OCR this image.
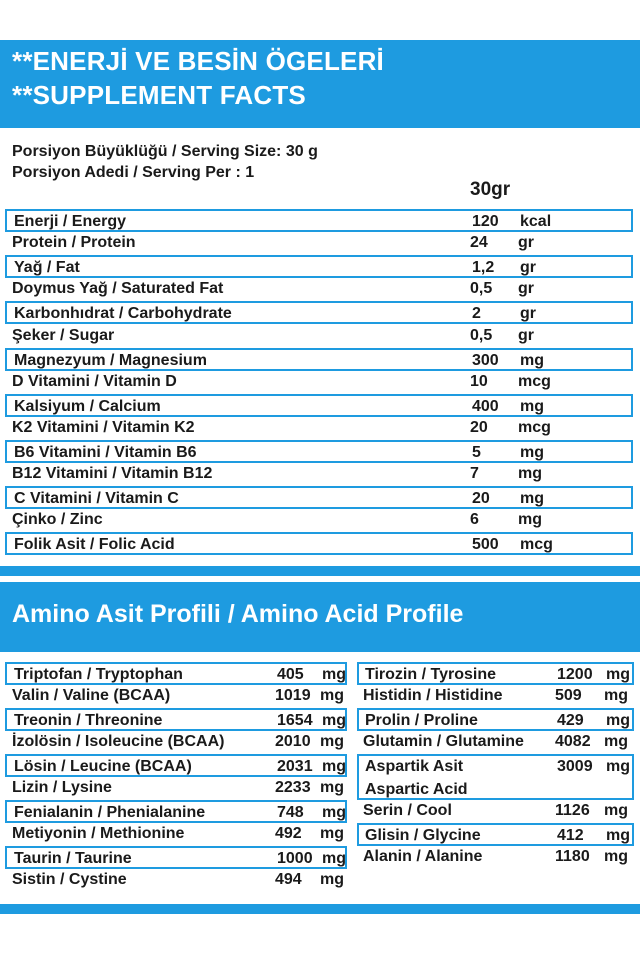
**ENERJİ VE BESİN ÖGELERİ
**SUPPLEMENT FACTS
Porsiyon Büyüklüğü / Serving Size: 30 g
Porsiyon Adedi / Serving Per : 1
30gr
Enerji / Energy	120 kcal
Protein / Protein	24 gr
Yağ / Fat	1,2 gr
Doymus Yağ / Saturated Fat	0,5 gr
Karbonhıdrat / Carbohydrate	2 gr
Şeker / Sugar	0,5 gr
Magnezyum / Magnesium	300 mg
D Vitamini / Vitamin D	10 mcg
Kalsiyum / Calcium	400 mg
K2 Vitamini / Vitamin K2	20 mcg
B6 Vitamini / Vitamin B6	5 mg
B12 Vitamini / Vitamin B12	7 mg
C Vitamini / Vitamin C	20 mg
Çinko / Zinc	6 mg
Folik Asit / Folic Acid	500 mcg
Amino Asit Profili / Amino Acid Profile
Triptofan / Tryptophan	405 mg
Valin / Valine (BCAA)	1019 mg
Treonin / Threonine	1654 mg
İzolösin / Isoleucine (BCAA)	2010 mg
Lösin / Leucine (BCAA)	2031 mg
Lizin / Lysine	2233 mg
Fenialanin / Phenialanine	748 mg
Metiyonin / Methionine	492 mg
Taurin / Taurine	1000 mg
Sistin / Cystine	494 mg
Tirozin / Tyrosine	1200 mg
Histidin / Histidine	509 mg
Prolin / Proline	429 mg
Glutamin / Glutamine 4082 mg
Aspartik Asit
Aspartic Acid
3009 mg
Serin / Cool	1126 mg
Glisin / Glycine	412 mg
Alanin / Alanine	1180 mg
